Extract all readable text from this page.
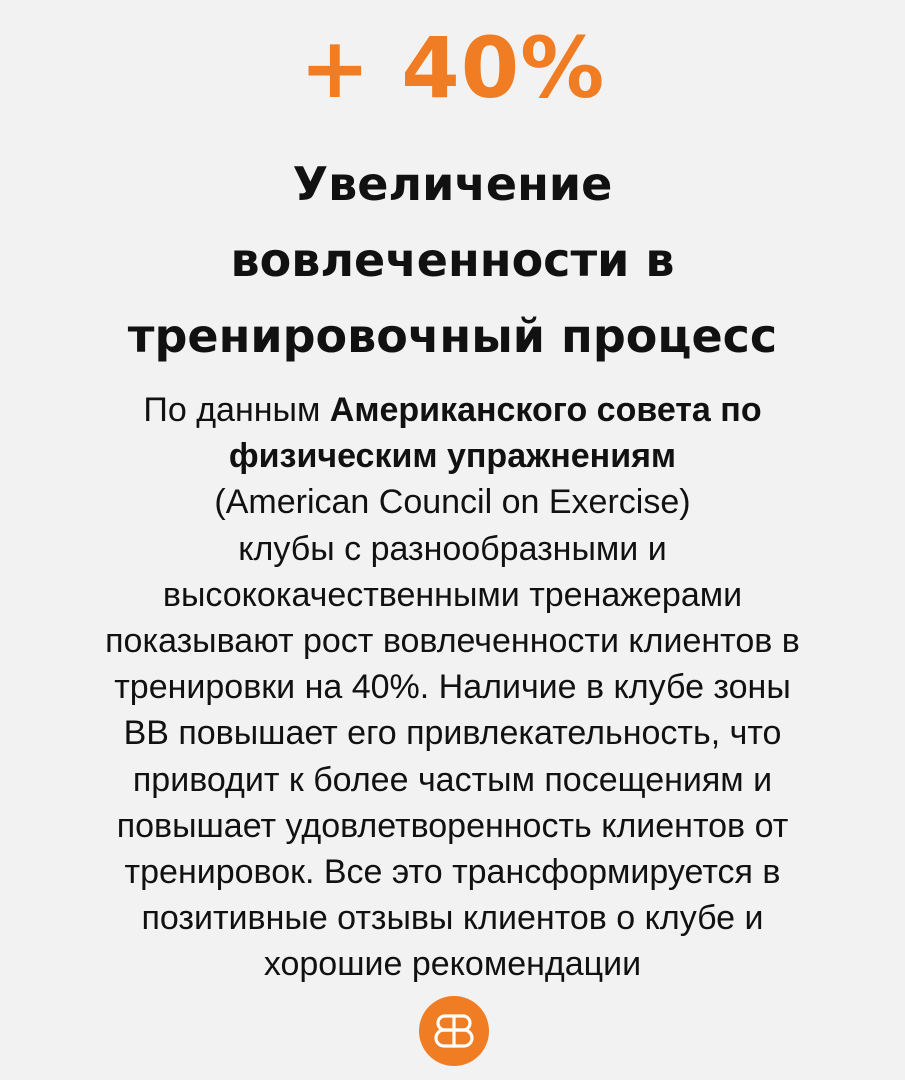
+ 40%
Увеличение
вовлеченности в
тренировочный процесс
По данным Американского совета по
физическим упражнениям
(American Council on Exercise)
клубы с разнообразными и
высококачественными тренажерами
показывают рост вовлеченности клиентов в
тренировки на 40%. Наличие в клубе зоны
ВВ повышает его привлекательность, что
приводит к более частым посещениям и
повышает удовлетворенность клиентов от
тренировок. Все это трансформируется в
позитивные отзывы клиентов о клубе и
хорошие рекомендации
